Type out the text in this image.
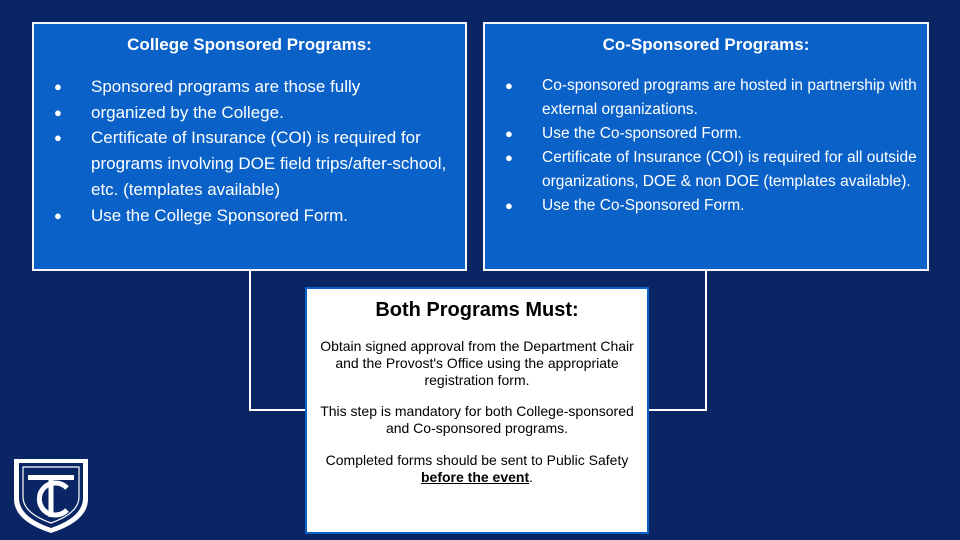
College Sponsored Programs:
● Sponsored programs are those fully
● organized by the College.
● Certificate of Insurance (COI) is required for programs involving DOE field trips/after-school, etc. (templates available)
● Use the College Sponsored Form.
Co-Sponsored Programs:
● Co-sponsored programs are hosted in partnership with external organizations.
● Use the Co-sponsored Form.
● Certificate of Insurance (COI) is required for all outside organizations, DOE & non DOE (templates available).
● Use the Co-Sponsored Form.
Both Programs Must:

Obtain signed approval from the Department Chair and the Provost's Office using the appropriate registration form.

This step is mandatory for both College-sponsored and Co-sponsored programs.

Completed forms should be sent to Public Safety before the event.
